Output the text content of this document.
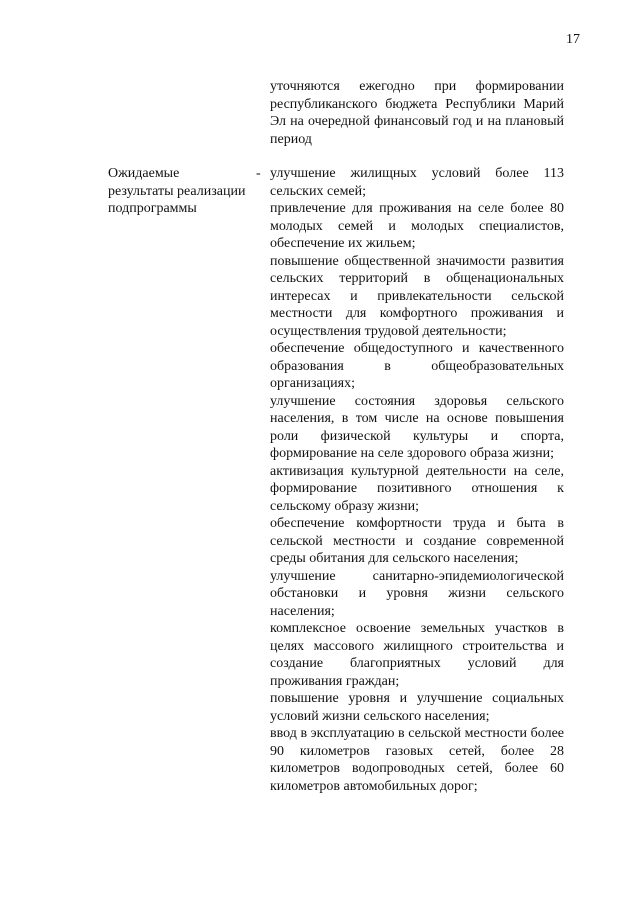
17

уточняются ежегодно при формировании республиканского бюджета Республики Марий Эл на очередной финансовый год и на плановый период

Ожидаемые результаты реализации подпрограммы

- улучшение жилищных условий более 113 сельских семей;
привлечение для проживания на селе более 80 молодых семей и молодых специалистов, обеспечение их жильем;
повышение общественной значимости развития сельских территорий в общенациональных интересах и привлекательности сельской местности для комфортного проживания и осуществления трудовой деятельности;
обеспечение общедоступного и качественного образования в общеобразовательных организациях;
улучшение состояния здоровья сельского населения, в том числе на основе повышения роли физической культуры и спорта, формирование на селе здорового образа жизни;
активизация культурной деятельности на селе, формирование позитивного отношения к сельскому образу жизни;
обеспечение комфортности труда и быта в сельской местности и создание современной среды обитания для сельского населения;
улучшение санитарно-эпидемиологической обстановки и уровня жизни сельского населения;
комплексное освоение земельных участков в целях массового жилищного строительства и создание благоприятных условий для проживания граждан;
повышение уровня и улучшение социальных условий жизни сельского населения;
ввод в эксплуатацию в сельской местности более 90 километров газовых сетей, более 28 километров водопроводных сетей, более 60 километров автомобильных дорог;
